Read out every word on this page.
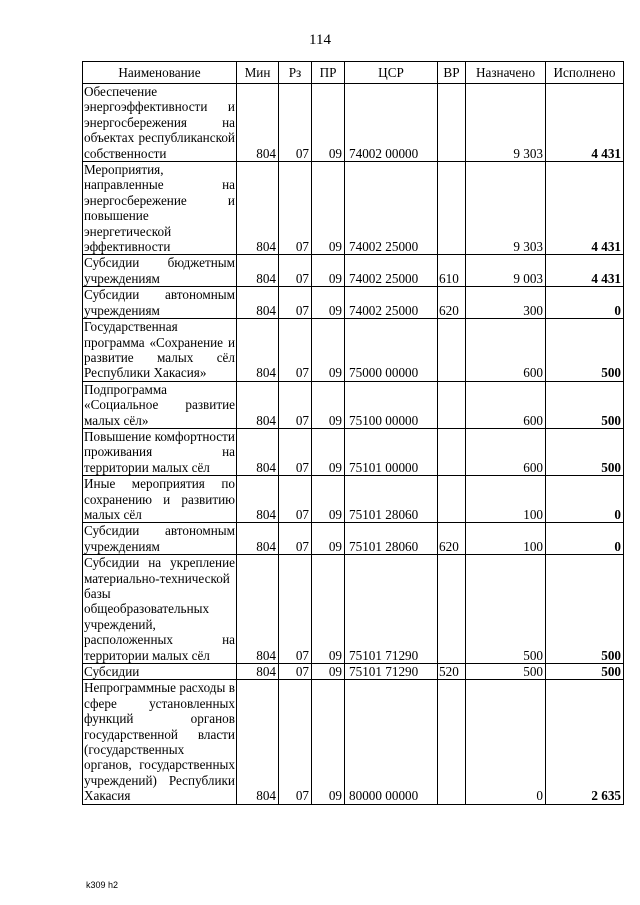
114
Наименование	Мин	Рз	ПР	ЦСР	ВР	Назначено	Исполнено
Обеспечение энергоэффективности и энергосбережения на объектах республиканской собственности	804	07	09	74002 00000		9 303	4 431
Мероприятия, направленные на энергосбережение и повышение энергетической эффективности	804	07	09	74002 25000		9 303	4 431
Субсидии бюджетным учреждениям	804	07	09	74002 25000	610	9 003	4 431
Субсидии автономным учреждениям	804	07	09	74002 25000	620	300	0
Государственная программа «Сохранение и развитие малых сёл Республики Хакасия»	804	07	09	75000 00000		600	500
Подпрограмма «Социальное развитие малых сёл»	804	07	09	75100 00000		600	500
Повышение комфортности проживания на территории малых сёл	804	07	09	75101 00000		600	500
Иные мероприятия по сохранению и развитию малых сёл	804	07	09	75101 28060		100	0
Субсидии автономным учреждениям	804	07	09	75101 28060	620	100	0
Субсидии на укрепление материально-технической базы общеобразовательных учреждений, расположенных на территории малых сёл	804	07	09	75101 71290		500	500
Субсидии	804	07	09	75101 71290	520	500	500
Непрограммные расходы в сфере установленных функций органов государственной власти (государственных органов, государственных учреждений) Республики Хакасия	804	07	09	80000 00000		0	2 635
k309 h2
